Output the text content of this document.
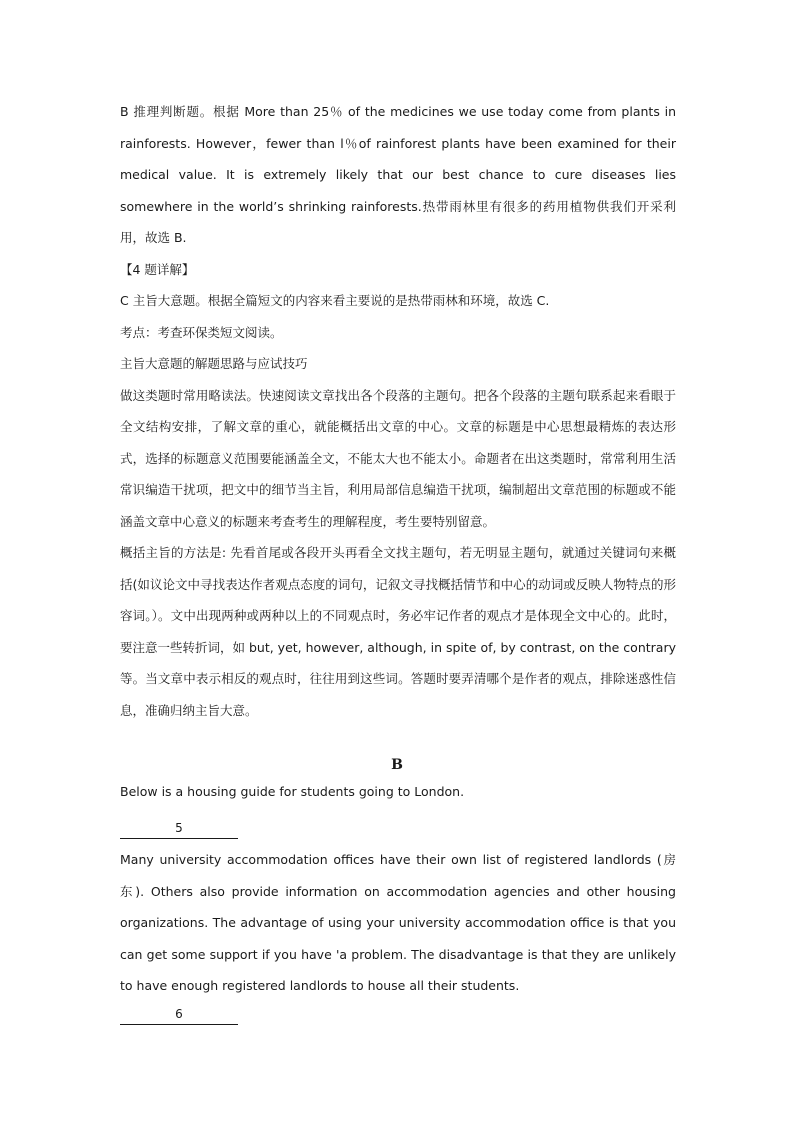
B 推理判断题。根据 More than 25％ of the medicines we use today come from plants in rainforests. However，fewer than l％of rainforest plants have been examined for their medical value. It is extremely likely that our best chance to cure diseases lies somewhere in the world’s shrinking rainforests.热带雨林里有很多的药用植物供我们开采利用，故选 B.

【4 题详解】

C 主旨大意题。根据全篇短文的内容来看主要说的是热带雨林和环境，故选 C.

考点：考查环保类短文阅读。

主旨大意题的解题思路与应试技巧

做这类题时常用略读法。快速阅读文章找出各个段落的主题句。把各个段落的主题句联系起来看眼于全文结构安排，了解文章的重心，就能概括出文章的中心。文章的标题是中心思想最精炼的表达形式，选择的标题意义范围要能涵盖全文，不能太大也不能太小。命题者在出这类题时，常常利用生活常识编造干扰项，把文中的细节当主旨，利用局部信息编造干扰项，编制超出文章范围的标题或不能涵盖文章中心意义的标题来考查考生的理解程度，考生要特别留意。

概括主旨的方法是: 先看首尾或各段开头再看全文找主题句，若无明显主题句，就通过关键词句来概括(如议论文中寻找表达作者观点态度的词句，记叙文寻找概括情节和中心的动词或反映人物特点的形容词。）。文中出现两种或两种以上的不同观点时，务必牢记作者的观点才是体现全文中心的。此时，要注意一些转折词，如 but, yet, however, although, in spite of, by contrast, on the contrary 等。当文章中表示相反的观点时，往往用到这些词。答题时要弄清哪个是作者的观点，排除迷惑性信息，准确归纳主旨大意。

B
Below is a housing guide for students going to London.
5

Many university accommodation offices have their own list of registered landlords (房东). Others also provide information on accommodation agencies and other housing organizations. The advantage of using your university accommodation office is that you can get some support if you have 'a problem. The disadvantage is that they are unlikely to have enough registered landlords to house all their students.

6
